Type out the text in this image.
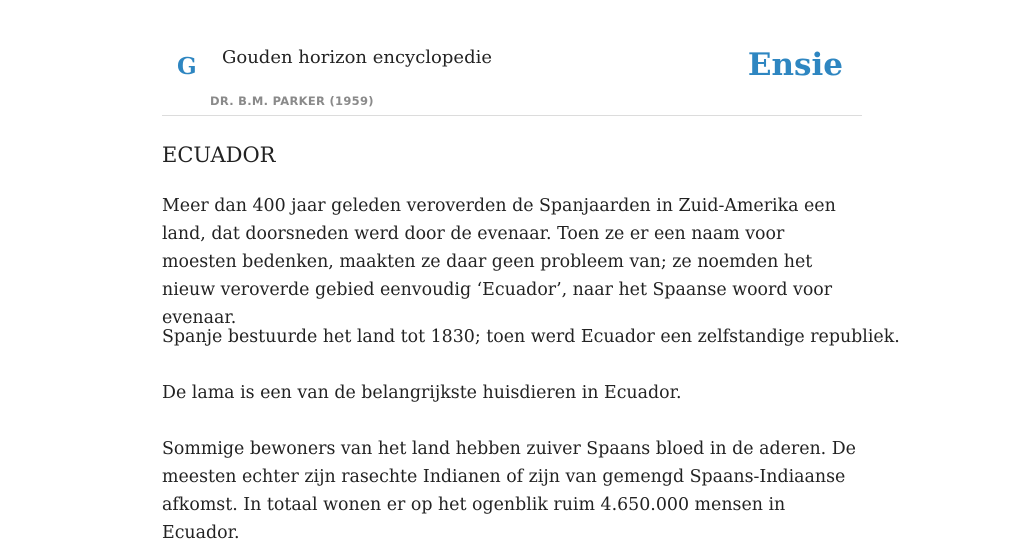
G Gouden horizon encyclopedie
DR. B.M. PARKER (1959)
Ensie
ECUADOR

Meer dan 400 jaar geleden veroverden de Spanjaarden in Zuid-Amerika een land, dat doorsneden werd door de evenaar. Toen ze er een naam voor moesten bedenken, maakten ze daar geen probleem van; ze noemden het nieuw veroverde gebied eenvoudig ‘Ecuador’, naar het Spaanse woord voor evenaar.

Spanje bestuurde het land tot 1830; toen werd Ecuador een zelfstandige republiek.

De lama is een van de belangrijkste huisdieren in Ecuador.

Sommige bewoners van het land hebben zuiver Spaans bloed in de aderen. De meesten echter zijn rasechte Indianen of zijn van gemengd Spaans-Indiaanse afkomst. In totaal wonen er op het ogenblik ruim 4.650.000 mensen in Ecuador.
